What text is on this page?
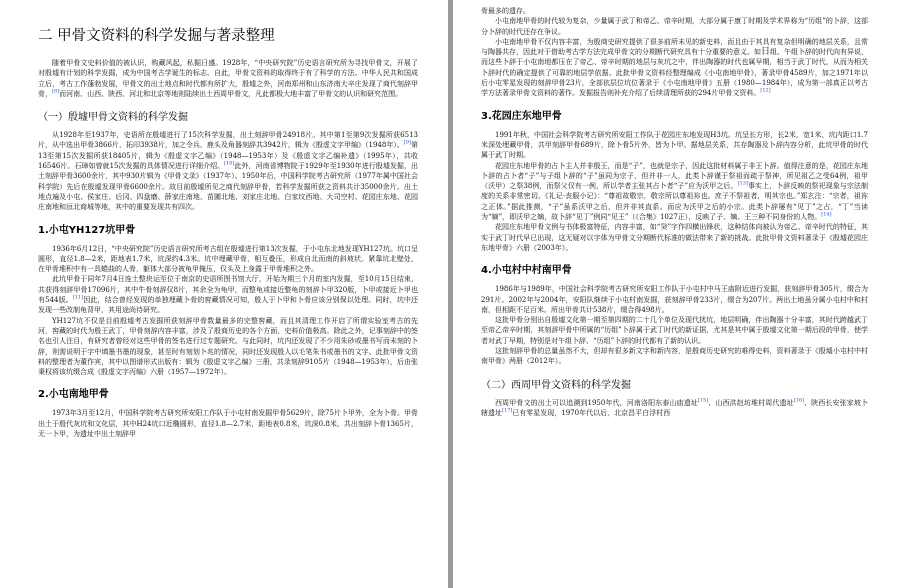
二 甲骨文资料的科学发掘与著录整理

随着甲骨文史料价值的被认识，购藏风起，私掘日盛。1928年，“中央研究院”历史语言研究所为寻找甲骨文，开展了对殷墟有计划的科学发掘，成为中国考古学诞生的标志。自此，甲骨文资料的取得终于有了科学的方法。中华人民共和国成立后，考古工作蓬勃发展，甲骨文的出土地点和时代都有所扩大，殷墟之外，河南郑州和山东济南大辛庄发现了商代刻辞甲骨，[8]而河南、山西、陕西、河北和北京等地则陆续出土西周甲骨文，凡此都极大地丰富了甲骨文的认识和研究范围。

（一）殷墟甲骨文资料的科学发掘

从1928年至1937年，史语所在殷墟进行了15次科学发掘，出土刻辞甲骨24918片。其中第1至第9次发掘所获6513片，从中选出甲骨3866片，拓印3938片，加之令兵、鹿头及角器刻辞共3942片，辑为《殷虚文字甲编》（1948年）。[9]第13至第15次发掘所获18405片，辑为《殷虚文字乙编》（1948—1953年）及《殷虚文字乙编补遗》（1995年），共收16546片。石璋如曾就15次发掘的具体情况进行详细介绍。[10]此外，河南省博物院于1929年至1930年进行殷墟发掘，出土刻辞甲骨3600余片，其中930片辑为《甲骨文录》（1937年）。1950年后，中国科学院考古研究所（1977年属中国社会科学院）先后在殷墟发现甲骨6600余片。故目前殷墟所见之商代刻辞甲骨，若科学发掘所获之资料共计35000余片。出土地点遍及小屯、侯家庄、后冈、四盘磨、薛家庄南地、苗圃北地、刘家庄北地、白家坟西地、大司空村、花园庄东地、花园庄南地和洹北商城等地，其中的重要发现共有四次。

1.小屯YH127坑甲骨

1936年6月12日，“中央研究院”历史语言研究所考古组在殷墟进行第13次发掘，于小屯东北地发现YH127坑。坑口呈圆形，直径1.8—2米，距地表1.7米，坑深约4.3米。坑中埋藏甲骨，相互叠压，形成自北而南的斜坡状。紧靠坑北壁处，在甲骨堆积中有一具蜷曲的人骨，躯体大部分被龟甲掩压，仅头及上身露于甲骨堆积之外。

此坑甲骨于同年7月4日连土整块运至位于南京的史语所图书馆大厅，开始为期三个月的室内发掘，至10月15日结束，共获得刻辞甲骨17096片，其中牛骨刻辞仅8片，其余全为龟甲，而整龟或接近整龟的刻辞卜甲320版，卜甲或接近卜甲也有544版。[11]因此，结合曾经发现的单独埋藏卜骨的窖藏情况可知，殷人于卜甲和卜骨应该分别保以处理。同时，坑中还发现一些改制龟背甲，其用途尚待研究。

YH127坑不仅是目前殷墟考古发掘所获刻辞甲骨数量最多的完整窖藏，而且其清理工作开启了所谓实验室考古的先河，窖藏的时代为殷王武丁，甲骨刻辞内容丰富，涉及了殷商历史的各个方面，史料价值极高。除此之外，记事刻辞中的签名也引人注目，有研究者曾经对这些甲骨的签名进行过专题研究。与此同时，坑内还发现了不少用朱砂或墨书写而未刻的卜辞，则需说明于字中填墨书墨的现象，甚至时有刻划卜兆的情况，同时还发现殷人以毛笔朱书或墨书的文字。此批甲骨文资料的整理者为董作宾，其中以图谱形式出版有：辑为《殷虚文字乙编》三册，共录刻辞9105片（1948—1953年），后由张秉权将该坑缀合成《殷虚文字丙编》六册（1957—1972年）。

2.小屯南地甲骨

1973年3月至12月，中国科学院考古研究所安阳工作队于小屯村南发掘甲骨5629片，除75片卜甲外，全为卜骨。甲骨出土于殷代灰坑和文化层，其中H24坑口近椭圆形，直径1.8—2.7米，距地表0.8米，坑深0.8米，共出刻辞卜骨1365片，无一卜甲，为遗址中出土刻辞甲

骨最多的遗存。

小屯南地甲骨的时代较为复杂，少量属于武丁和帝乙、帝辛时期，大部分属于康丁时期及学术界称为“历组”的卜辞，这部分卜辞的时代还存在争议。

小屯南地甲骨不仅内容丰富，为殷商史研究提供了很多前所未见的新史料，而且由于其具有复杂但明确的地层关系，且常与陶器共存，因此对于借助考古学方法完成甲骨文的分期断代研究具有十分重要的意义。如日组、午组卜辞的时代向有异说，而这些卜辞于小屯南地都压在了帝乙、帝辛时期的地层与灰坑之中，伴出陶器的时代也属早期，相当于武丁时代，从而为相关卜辞时代的确定提供了可靠的地层学依据。此批甲骨文资料经整理编成《小屯南地甲骨》，著录甲骨4589片，加之1971年以后小屯零星发现的刻辞甲骨23片，全部依层位坑位著录于《小屯南地甲骨》五册（1980—1984年），成为第一部真正以考古学方法著录甲骨文资料的著作。发掘报告则补充介绍了后续清理所获的294片甲骨文资料。[12]

3.花园庄东地甲骨

1991年秋，中国社会科学院考古研究所安阳工作队于花园庄东地发现H3坑。坑呈长方形，长2米，宽1米，坑内距口1.7米深处埋藏甲骨，共甲刻辞甲骨689片，除卜骨5片外，皆为卜甲。据地层关系，共存陶器及卜辞内容分析，此坑甲骨的时代属于武丁时期。

花园庄东地甲骨的占卜主人并非殷王，而是“子”，也就是宗子，因此这批材料属于非王卜辞。值得注意的是，花园庄东地卜辞的占卜者“子”与子组卜辞的“子”虽同为宗子，但并非一人，此类卜辞谨于祭祖而疏于祭神，所见祖乙之受64例，祖甲（沃甲）之祭38例，而祭父仅有一例，所以学者主张其占卜者“子”应为沃甲之后。[13]事实上，卜辞反映的祭祀现象与宗法制度的关系非常密切。《礼记·丧服小记》：“尊祖故敬宗，敬宗所以尊祖祢也。庶子不祭祖者，明其宗也。”郑玄注：“宗者，祖祢之正体。”据此推测，“子”虽系沃甲之后，但并非其直系。而应为沃甲之后的小宗。此类卜辞屡有“见丁”之占，“丁”当读为“嫡”，即沃甲之嫡，故卜辞“见丁”例同“见王”（《合集》1027正），反映了子、嫡、王三种不同身份的人物。[14]

花园庄东地甲骨文例与书体极富特征，内容丰富，如“癸”字作四横出锋状，这种结体向被认为帝乙、帝辛时代的特征，其实于武丁时代早已出现，这无疑对以字体为甲骨文分期断代标准的做法带来了新的挑战。此批甲骨文资料著录于《殷墟花园庄东地甲骨》六册（2003年）。

4.小屯村中村南甲骨

1986年与1989年，中国社会科学院考古研究所安阳工作队于小屯村中马王庙附近进行发掘，获刻辞甲骨305片，缀合为291片。2002年与2004年，安阳队继续于小屯村南发掘，获刻辞甲骨233片，缀合为207片。两出土地虽分属小屯村中和村南，但相距不足百米。所出甲骨共计538片，缀合得498片。

这批甲骨分别出自殷墟文化第一期至第四期的二十几个单位及现代扰坑，地层明确，伴出陶器十分丰富，其时代跨越武丁至帝乙帝辛时期，其刻辞甲骨中所属的“历组”卜辞属于武丁时代的新证据，尤其是其中属于殷墟文化第一期后段的甲骨，使学者对武丁早期，特别是对午组卜辞、“历组”卜辞的时代都有了新的认识。

这批刻辞甲骨的总量虽然不大，但却有很多新文字和新内容，是殷商历史研究的难得史料，资料著录于《殷墟小屯村中村南甲骨》两册（2012年）。

（二）西周甲骨文资料的科学发掘

西周甲骨文的出土可以追溯到1950年代，河南洛阳东泰山庙遗址[15]、山西洪赵坊堆村周代遗址[16]、陕西长安张家坡卜辖遗址[17]已有零星发现，1970年代以后，北京昌平白浮村西
